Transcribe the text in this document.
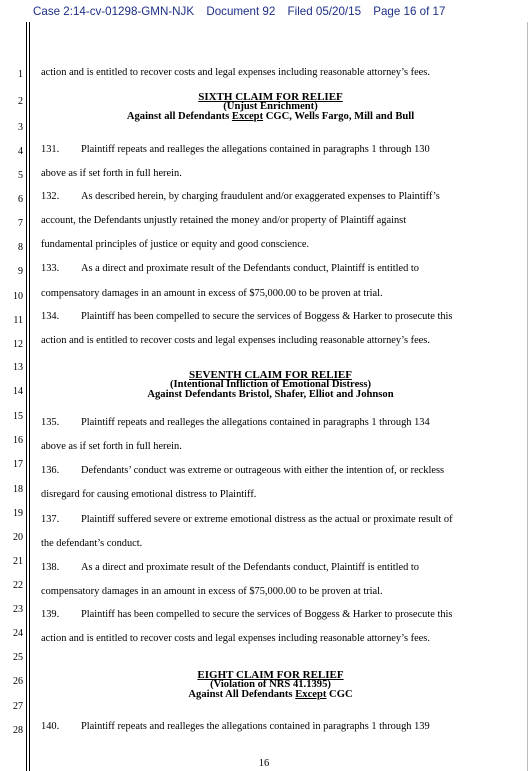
Case 2:14-cv-01298-GMN-NJK Document 92 Filed 05/20/15 Page 16 of 17
1
2
3
4
5
6
7
8
9
10
11
12
13
14
15
16
17
18
19
20
21
22
23
24
25
26
27
28
action and is entitled to recover costs and legal expenses including reasonable attorney’s fees.
SIXTH CLAIM FOR RELIEF
(Unjust Enrichment)
Against all Defendants Except CGC, Wells Fargo, Mill and Bull
131. Plaintiff repeats and realleges the allegations contained in paragraphs 1 through 130
above as if set forth in full herein.
132. As described herein, by charging fraudulent and/or exaggerated expenses to Plaintiff’s
account, the Defendants unjustly retained the money and/or property of Plaintiff against
fundamental principles of justice or equity and good conscience.
133. As a direct and proximate result of the Defendants conduct, Plaintiff is entitled to
compensatory damages in an amount in excess of $75,000.00 to be proven at trial.
134. Plaintiff has been compelled to secure the services of Boggess & Harker to prosecute this
action and is entitled to recover costs and legal expenses including reasonable attorney’s fees.
SEVENTH CLAIM FOR RELIEF
(Intentional Infliction of Emotional Distress)
Against Defendants Bristol, Shafer, Elliot and Johnson
135. Plaintiff repeats and realleges the allegations contained in paragraphs 1 through 134
above as if set forth in full herein.
136. Defendants’ conduct was extreme or outrageous with either the intention of, or reckless
disregard for causing emotional distress to Plaintiff.
137. Plaintiff suffered severe or extreme emotional distress as the actual or proximate result of
the defendant’s conduct.
138. As a direct and proximate result of the Defendants conduct, Plaintiff is entitled to
compensatory damages in an amount in excess of $75,000.00 to be proven at trial.
139. Plaintiff has been compelled to secure the services of Boggess & Harker to prosecute this
action and is entitled to recover costs and legal expenses including reasonable attorney’s fees.
EIGHT CLAIM FOR RELIEF
(Violation of NRS 41.1395)
Against All Defendants Except CGC
140. Plaintiff repeats and realleges the allegations contained in paragraphs 1 through 139
16
